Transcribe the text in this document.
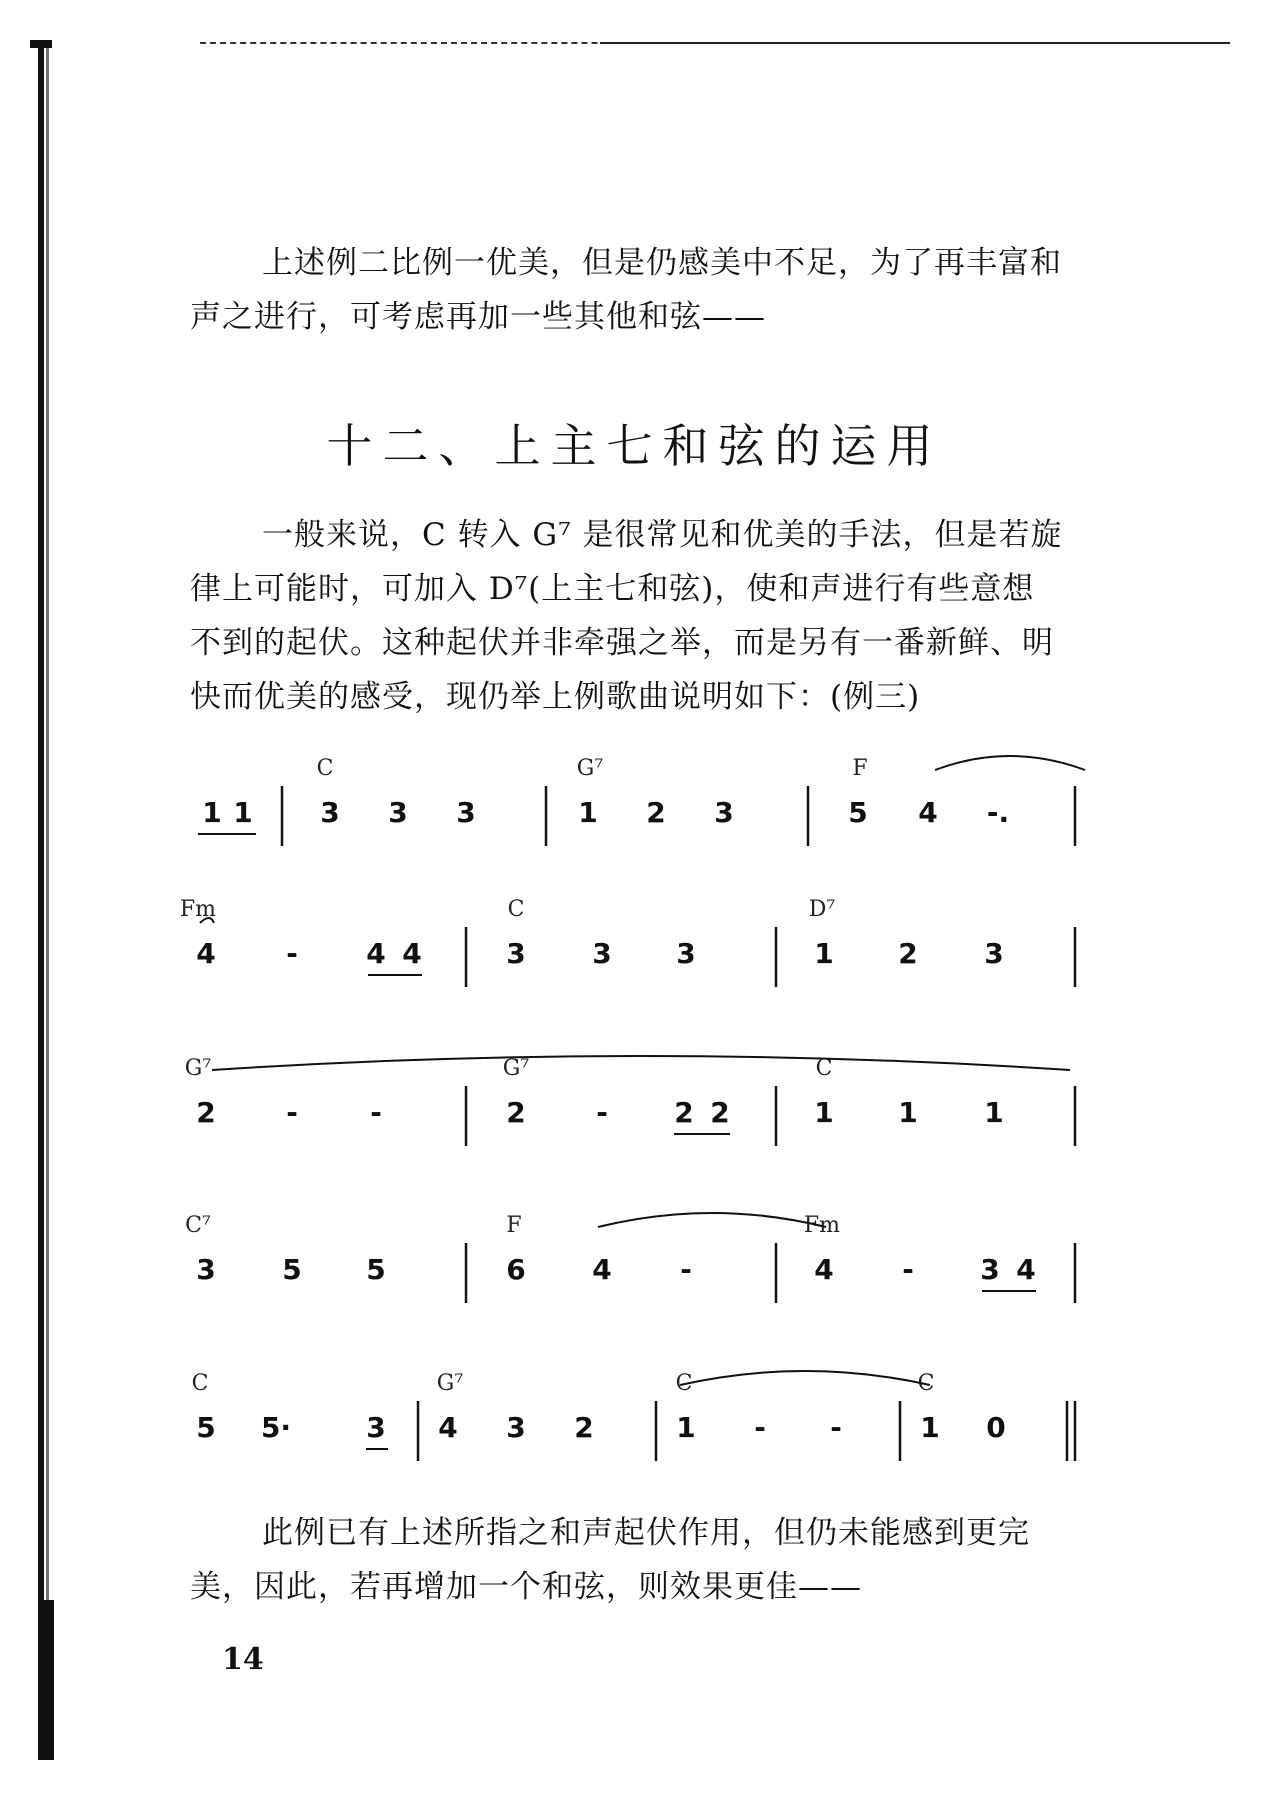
上述例二比例一优美，但是仍感美中不足，为了再丰富和
声之进行，可考虑再加一些其他和弦——
十二、上主七和弦的运用
一般来说，C 转入 G⁷ 是很常见和优美的手法，但是若旋
律上可能时，可加入 D⁷(上主七和弦)，使和声进行有些意想
不到的起伏。这种起伏并非牵强之举，而是另有一番新鲜、明
快而优美的感受，现仍举上例歌曲说明如下：(例三)
C	G⁷	F
1 1 3 3 3	1 2 3	5 4 -.
Fm	C	D⁷
4	- 4 4	3 3 3	1 2 3
G⁷	G⁷	C
2	-	-	2	- 2 2	1 1 1
C⁷	F	Fm
3 5 5	6 4 -	4 - 3 4
C	G⁷	C	C
5 5·	3 4 3 2	1 - -	1 0
此例已有上述所指之和声起伏作用，但仍未能感到更完
美，因此，若再增加一个和弦，则效果更佳——
14
